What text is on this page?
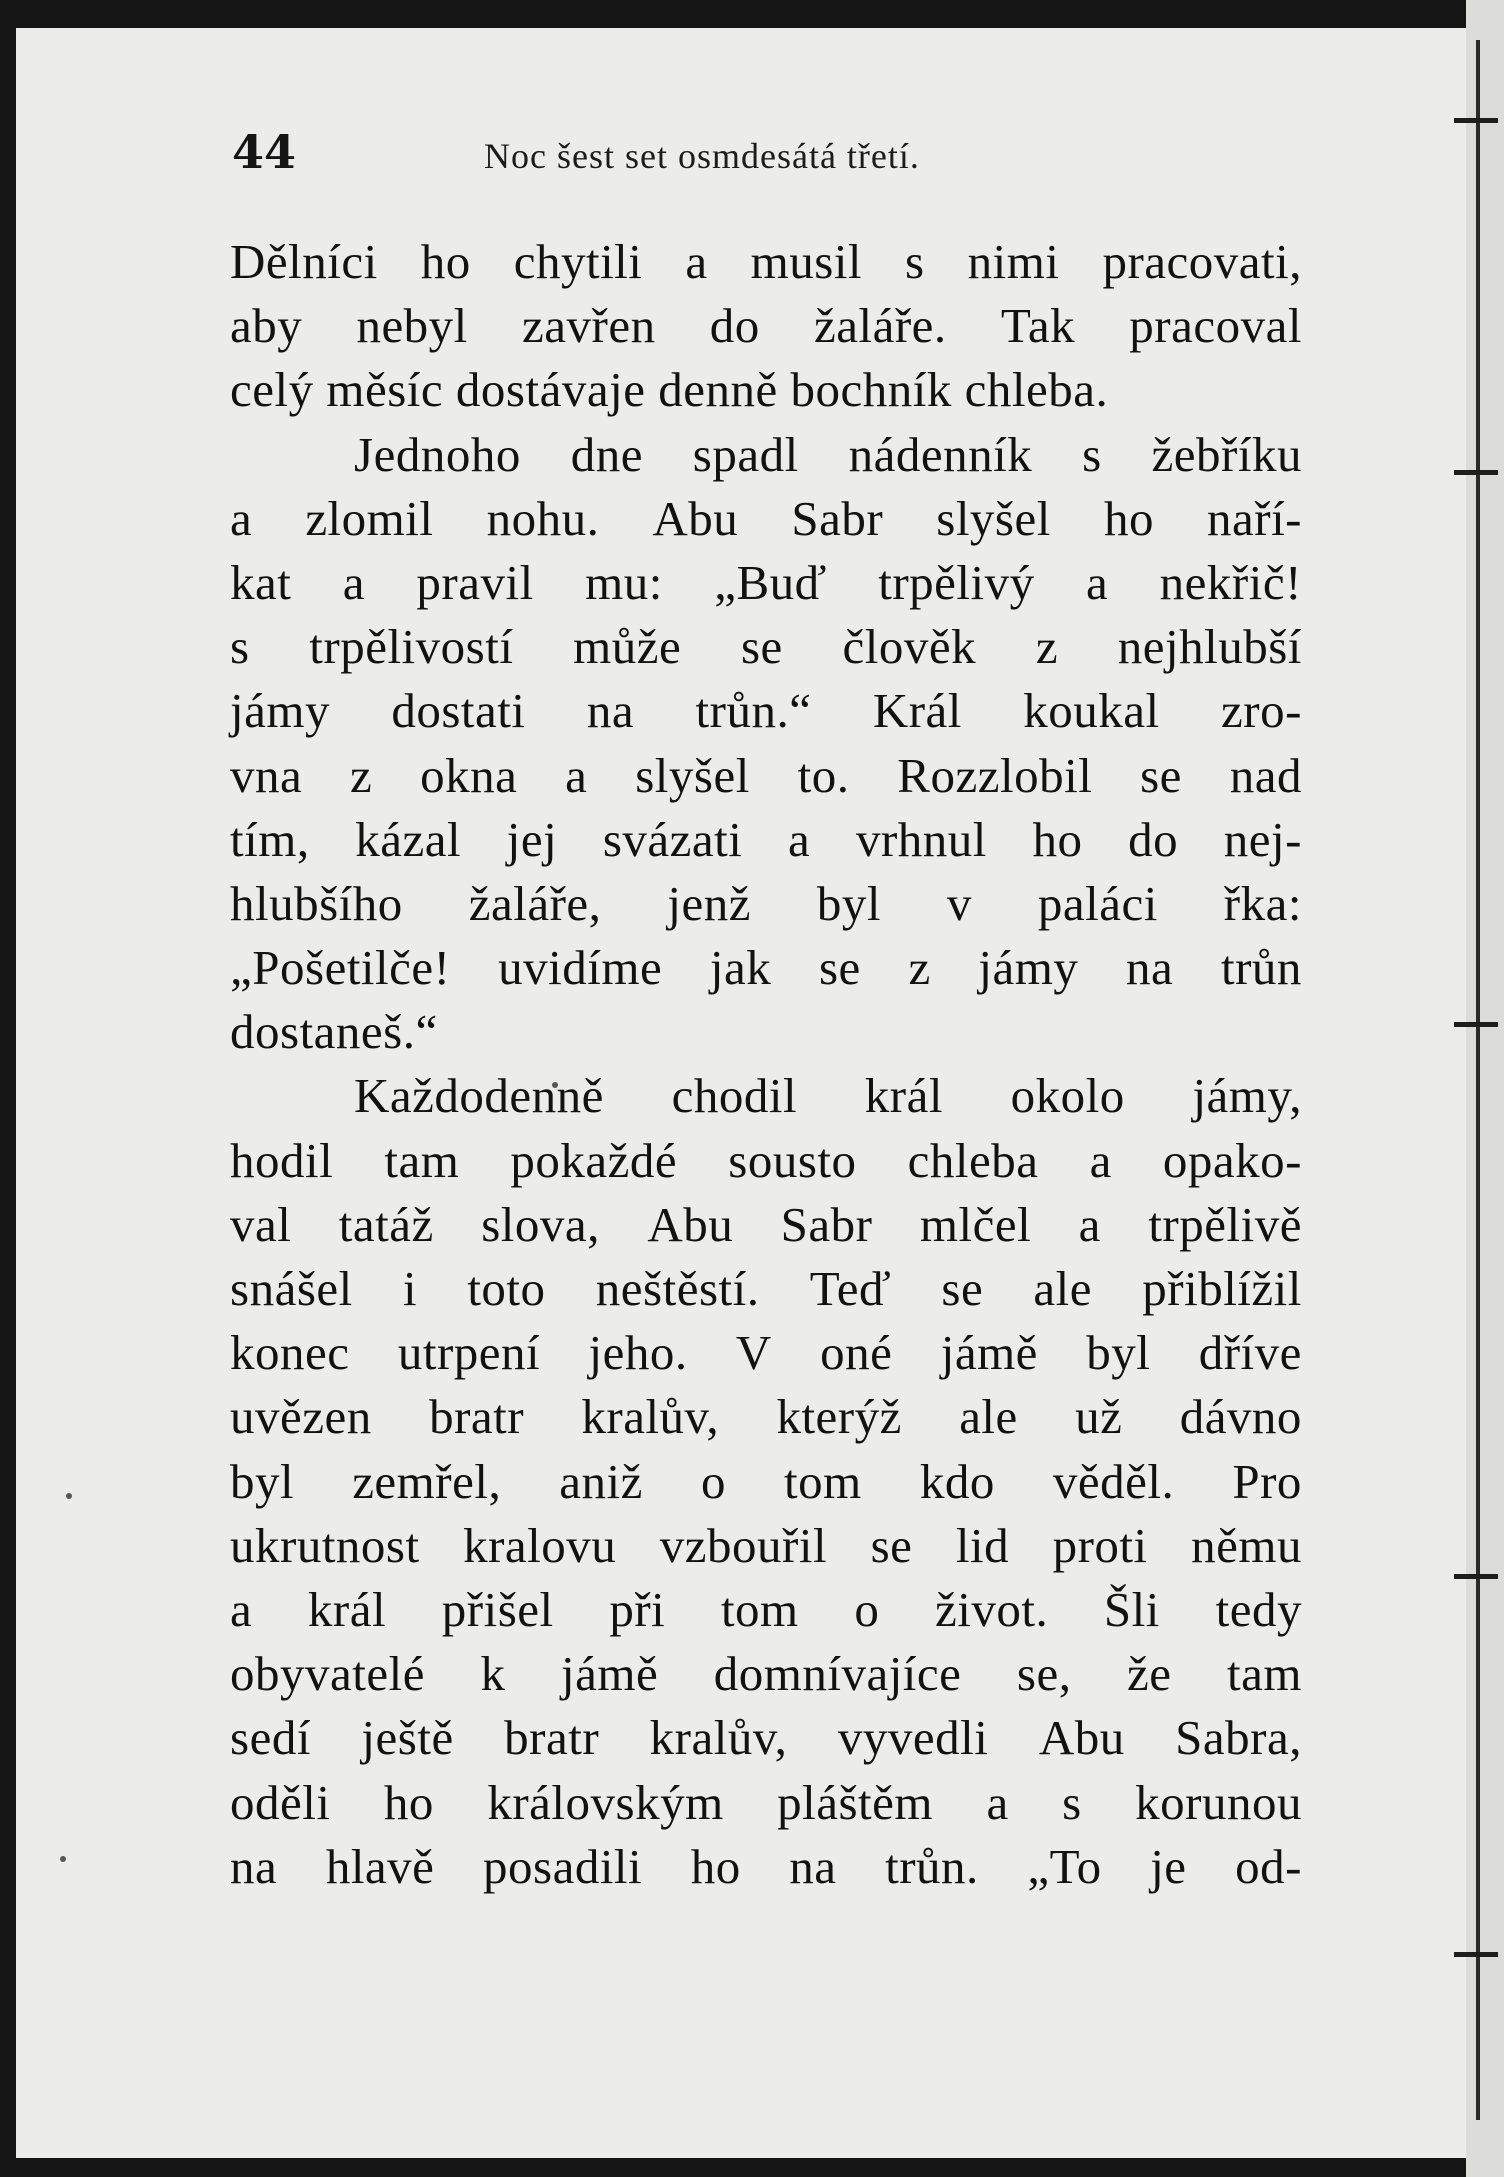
44	Noc šest set osmdesátá třetí.
Dělníci ho chytili a musil s nimi pracovati,
aby nebyl zavřen do žaláře. Tak pracoval
celý měsíc dostávaje denně bochník chleba.
Jednoho dne spadl nádenník s žebříku
a zlomil nohu. Abu Sabr slyšel ho naří-
kat a pravil mu: „Buď trpělivý a nekřič!
s trpělivostí může se člověk z nejhlubší
jámy dostati na trůn.“ Král koukal zro-
vna z okna a slyšel to. Rozzlobil se nad
tím, kázal jej svázati a vrhnul ho do nej-
hlubšího žaláře, jenž byl v paláci řka:
„Pošetilče! uvidíme jak se z jámy na trůn
dostaneš.“
Každodenně chodil král okolo jámy,
hodil tam pokaždé sousto chleba a opako-
val tatáž slova, Abu Sabr mlčel a trpělivě
snášel i toto neštěstí. Teď se ale přiblížil
konec utrpení jeho. V oné jámě byl dříve
uvězen bratr kralův, kterýž ale už dávno
byl zemřel, aniž o tom kdo věděl. Pro
ukrutnost kralovu vzbouřil se lid proti němu
a král přišel při tom o život. Šli tedy
obyvatelé k jámě domnívajíce se, že tam
sedí ještě bratr kralův, vyvedli Abu Sabra,
oděli ho královským pláštěm a s korunou
na hlavě posadili ho na trůn. „To je od-
